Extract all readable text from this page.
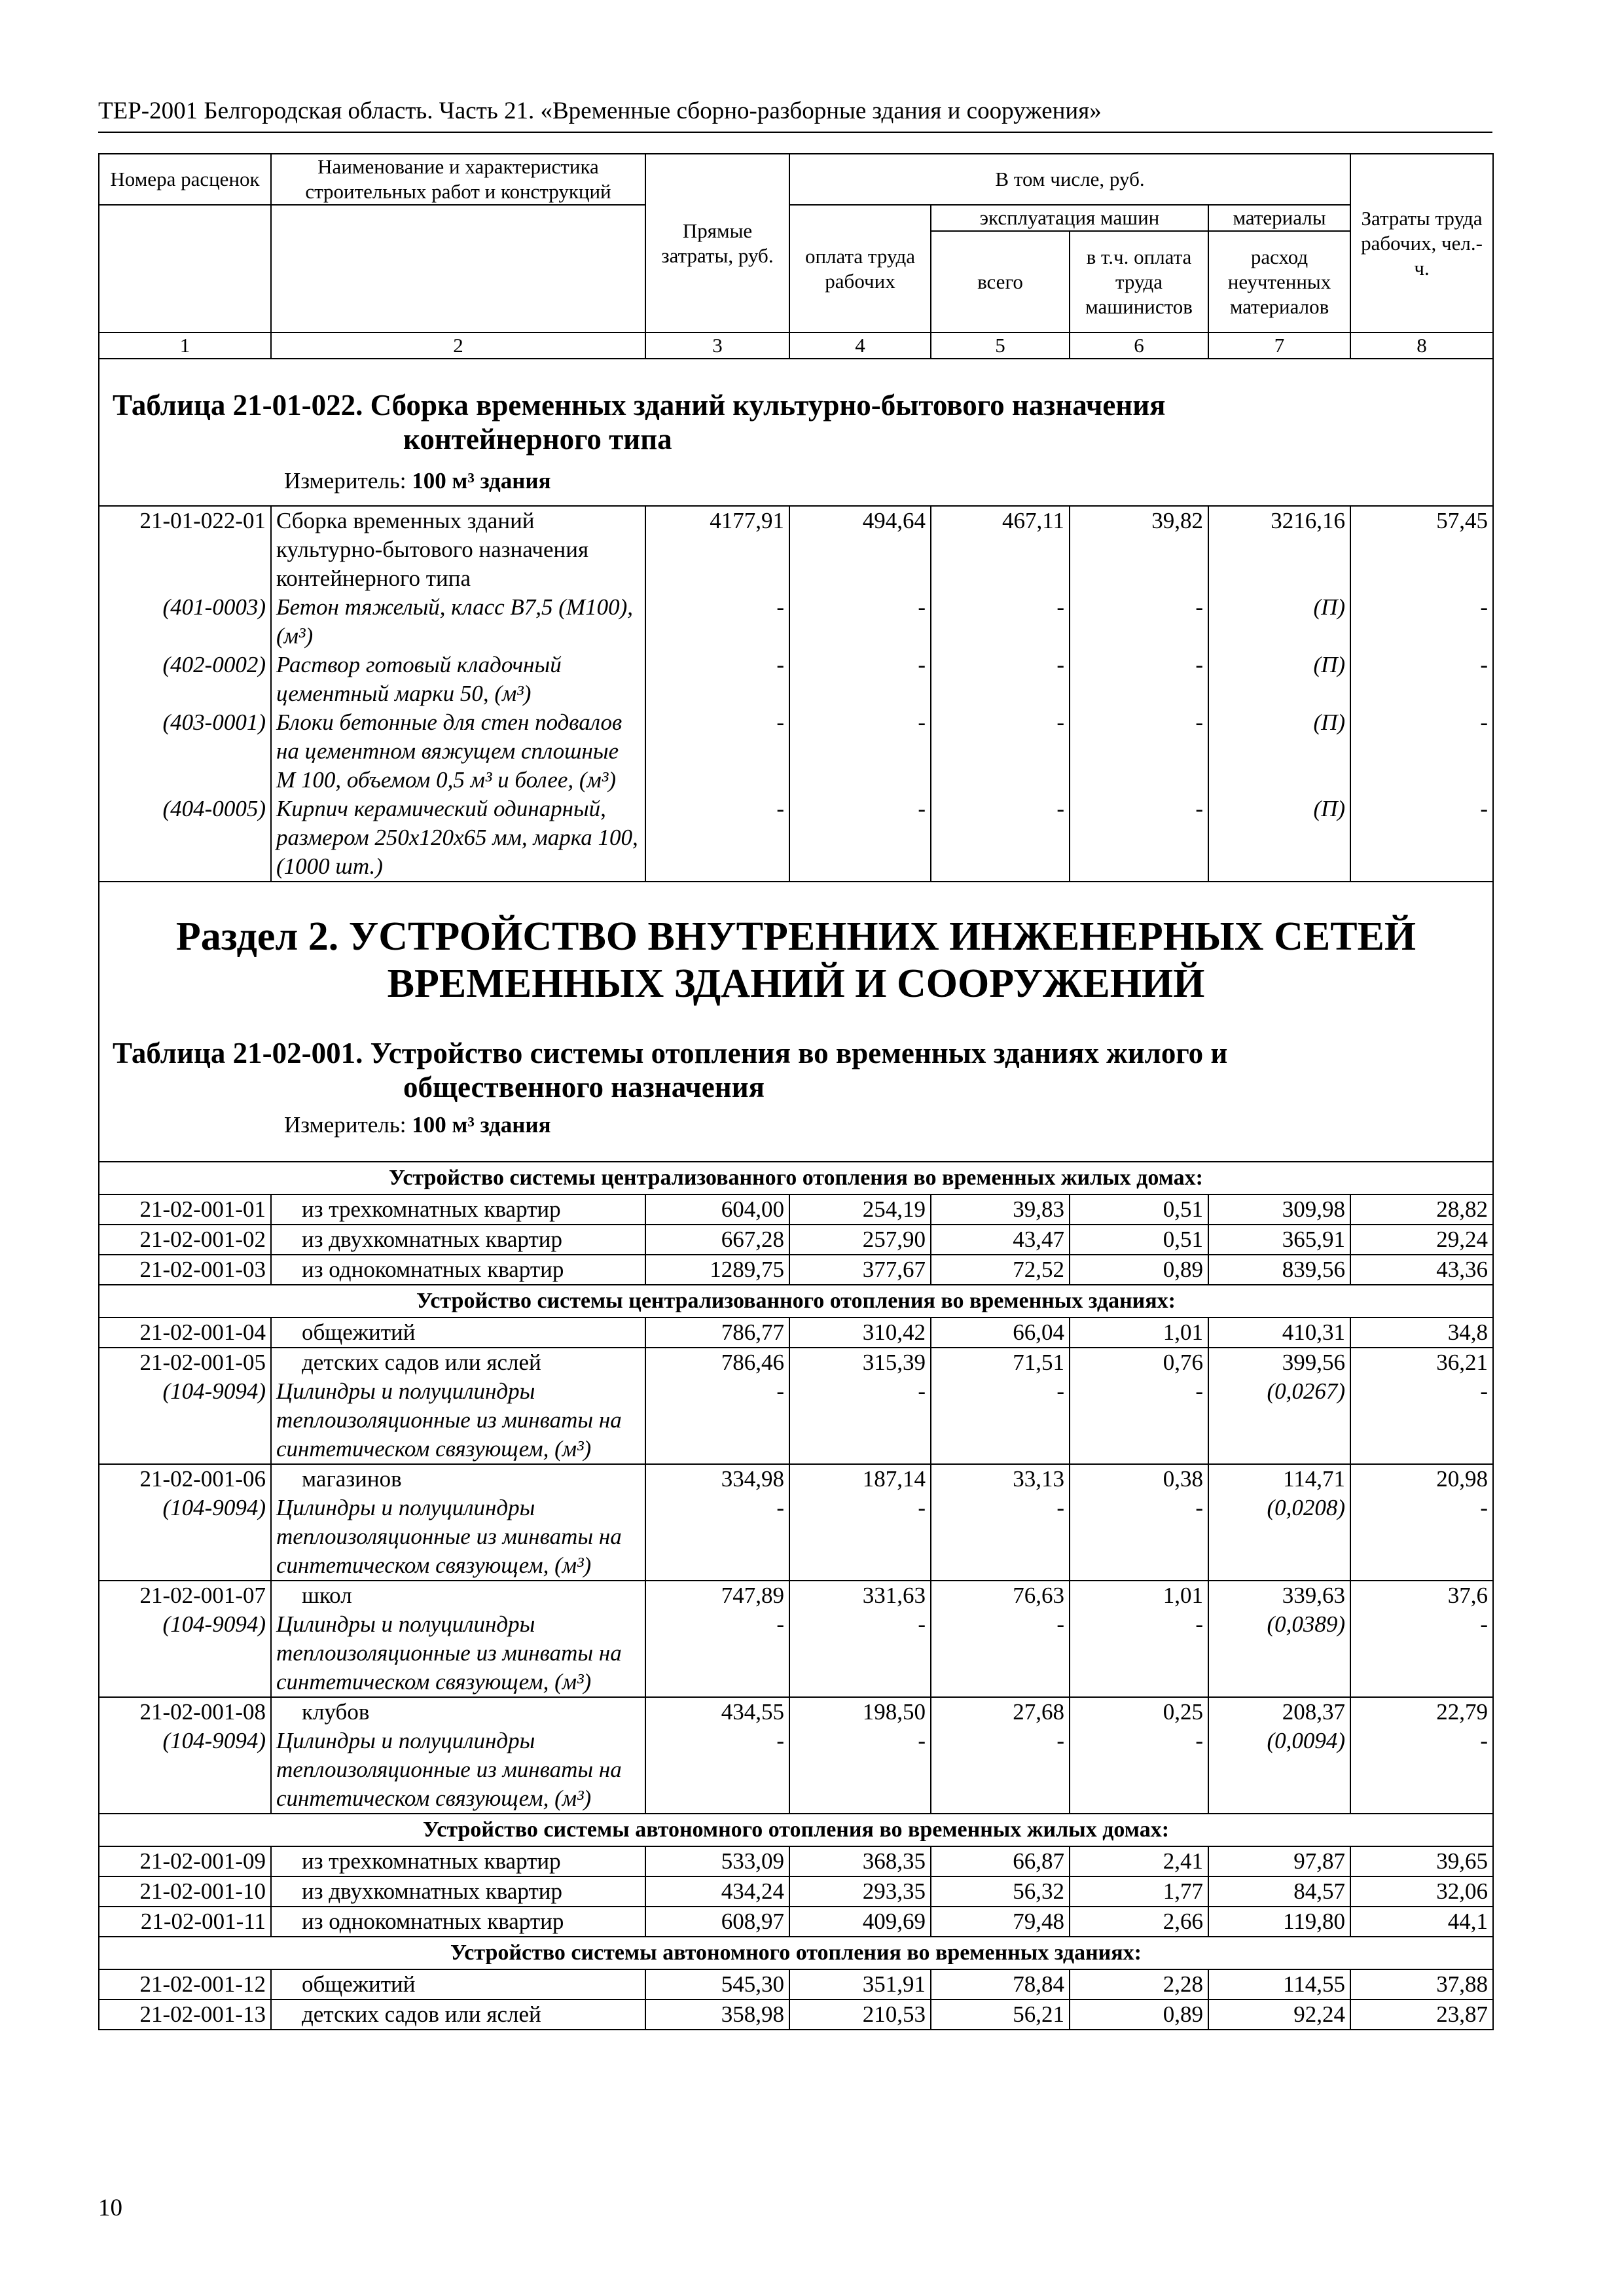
ТЕР-2001 Белгородская область. Часть 21. «Временные сборно-разборные здания и сооружения»
Номера расценок	Наименование и характеристика строительных работ и конструкций	Прямые затраты, руб.	В том числе, руб.				Затраты труда рабочих, чел.-ч.
			оплата труда рабочих	эксплуатация машин		материалы	
				всего	в т.ч. оплата труда машинистов	расход неучтенных материалов	
1	2	3	4	5	6	7	8

Таблица 21-01-022. Сборка временных зданий культурно-бытового назначения
контейнерного типа
Измеритель: 100 м³ здания							

21-01-022-01	Сборка временных зданий культурно-бытового назначения контейнерного типа	4177,91	494,64	467,11	39,82	3216,16	57,45
(401-0003)	Бетон тяжелый, класс В7,5 (М100), (м³)	-	-	-	-	(П)	-
(402-0002)	Раствор готовый кладочный цементный марки 50, (м³)	-	-	-	-	(П)	-
(403-0001)	Блоки бетонные для стен подвалов на цементном вяжущем сплошные М 100, объемом 0,5 м³ и более, (м³)	-	-	-	-	(П)	-
(404-0005)	Кирпич керамический одинарный, размером 250х120х65 мм, марка 100, (1000 шт.)	-	-	-	-	(П)	-

Раздел 2. УСТРОЙСТВО ВНУТРЕННИХ ИНЖЕНЕРНЫХ СЕТЕЙ
ВРЕМЕННЫХ ЗДАНИЙ И СООРУЖЕНИЙ
Таблица 21-02-001. Устройство системы отопления во временных зданиях жилого и
общественного назначения
Измеритель: 100 м³ здания							

Устройство системы централизованного отопления во временных жилых домах:							
21-02-001-01	из трехкомнатных квартир	604,00	254,19	39,83	0,51	309,98	28,82
21-02-001-02	из двухкомнатных квартир	667,28	257,90	43,47	0,51	365,91	29,24
21-02-001-03	из однокомнатных квартир	1289,75	377,67	72,52	0,89	839,56	43,36
Устройство системы централизованного отопления во временных зданиях:							
21-02-001-04	общежитий	786,77	310,42	66,04	1,01	410,31	34,8
21-02-001-05	детских садов или яслей	786,46	315,39	71,51	0,76	399,56	36,21
(104-9094)	Цилиндры и полуцилиндры теплоизоляционные из минваты на синтетическом связующем, (м³)	-	-	-	-	(0,0267)	-
21-02-001-06	магазинов	334,98	187,14	33,13	0,38	114,71	20,98
(104-9094)	Цилиндры и полуцилиндры теплоизоляционные из минваты на синтетическом связующем, (м³)	-	-	-	-	(0,0208)	-
21-02-001-07	школ	747,89	331,63	76,63	1,01	339,63	37,6
(104-9094)	Цилиндры и полуцилиндры теплоизоляционные из минваты на синтетическом связующем, (м³)	-	-	-	-	(0,0389)	-
21-02-001-08	клубов	434,55	198,50	27,68	0,25	208,37	22,79
(104-9094)	Цилиндры и полуцилиндры теплоизоляционные из минваты на синтетическом связующем, (м³)	-	-	-	-	(0,0094)	-
Устройство системы автономного отопления во временных жилых домах:							
21-02-001-09	из трехкомнатных квартир	533,09	368,35	66,87	2,41	97,87	39,65
21-02-001-10	из двухкомнатных квартир	434,24	293,35	56,32	1,77	84,57	32,06
21-02-001-11	из однокомнатных квартир	608,97	409,69	79,48	2,66	119,80	44,1
Устройство системы автономного отопления во временных зданиях:							
21-02-001-12	общежитий	545,30	351,91	78,84	2,28	114,55	37,88
21-02-001-13	детских садов или яслей	358,98	210,53	56,21	0,89	92,24	23,87
10
